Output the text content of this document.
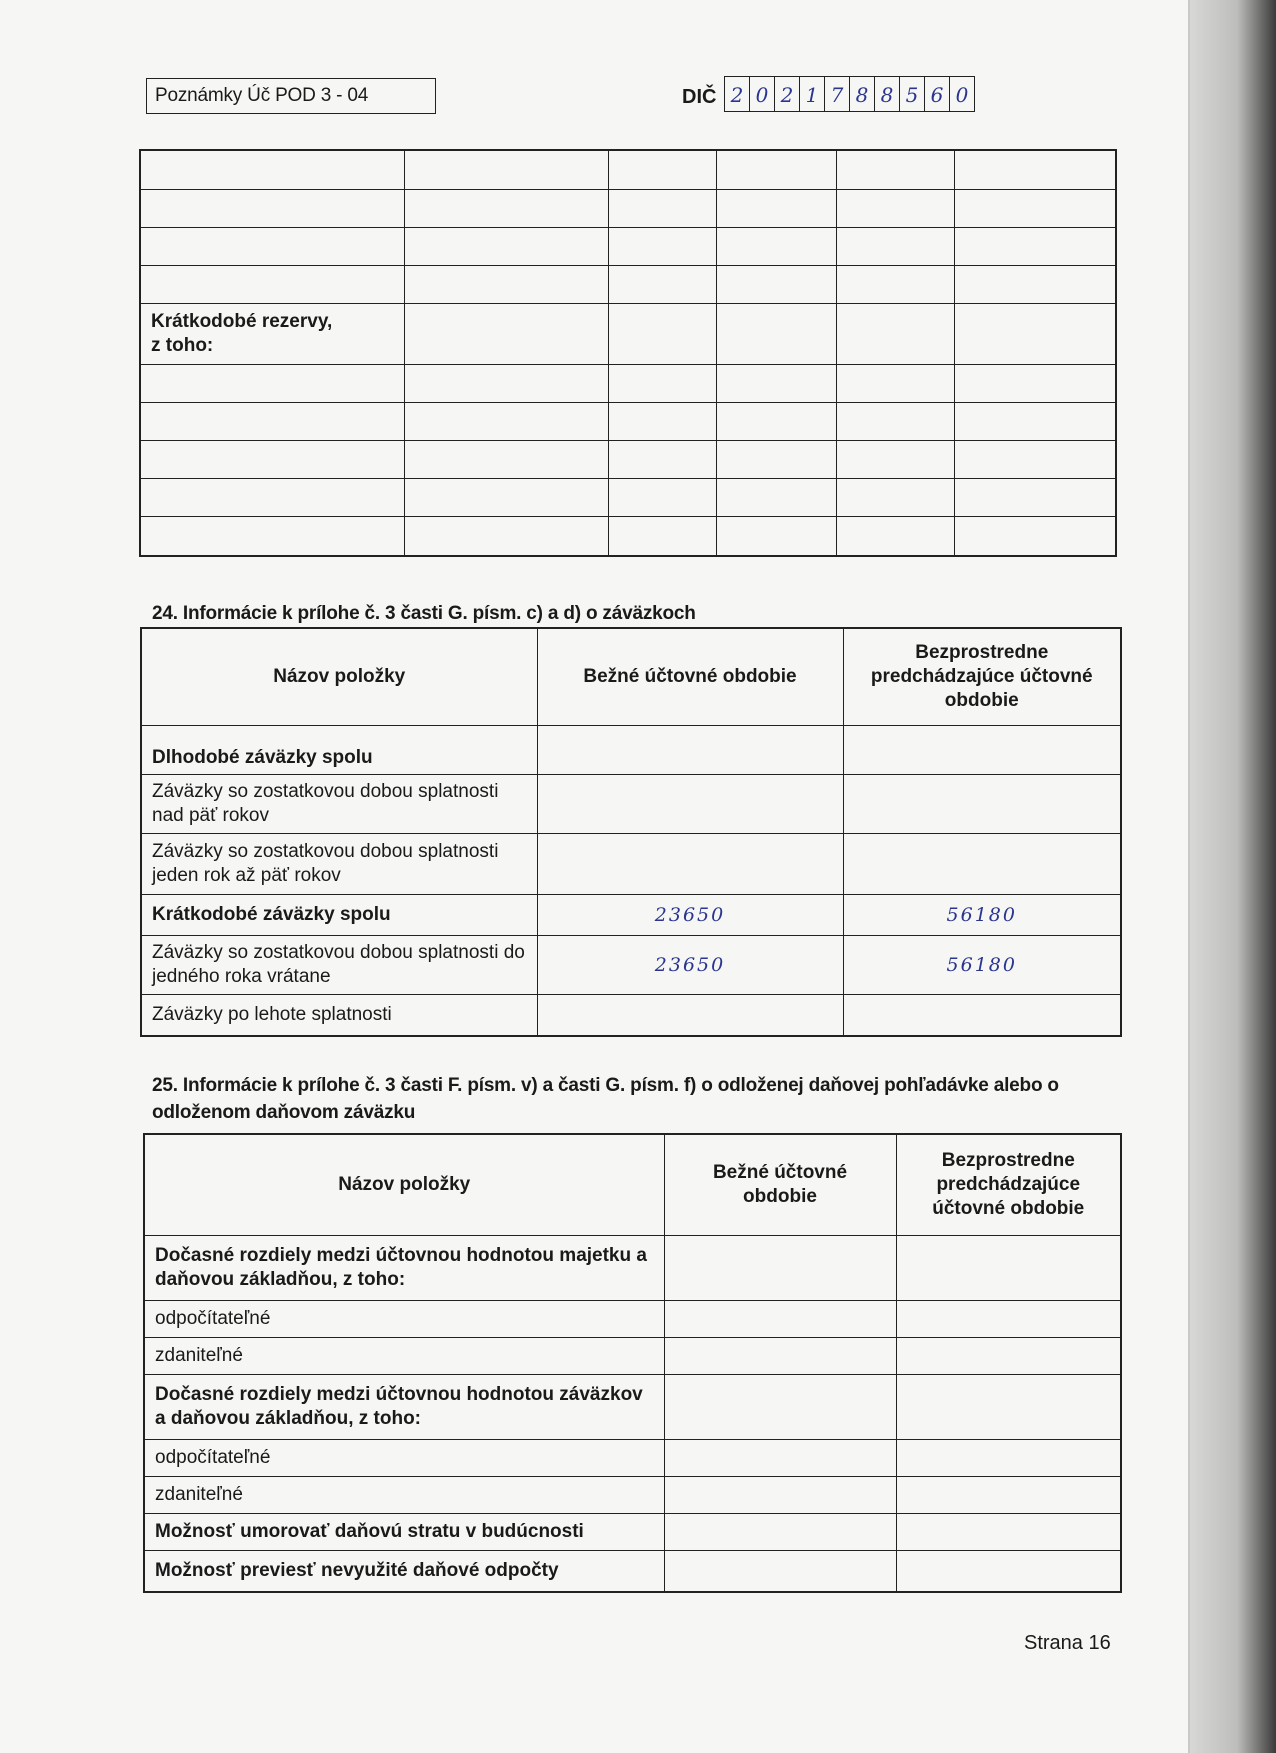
Poznámky Úč POD 3 - 04	DIČ 2 0 2 1 7 8 8 5 6 0

Krátkodobé rezervy,
z toho:					

24. Informácie k prílohe č. 3 časti G. písm. c) a d) o záväzkoch
Názov položky	Bežné účtovné obdobie	Bezprostredne predchádzajúce účtovné obdobie
Dlhodobé záväzky spolu		
Záväzky so zostatkovou dobou splatnosti nad päť rokov		
Záväzky so zostatkovou dobou splatnosti jeden rok až päť rokov		
Krátkodobé záväzky spolu	23650	56180
Záväzky so zostatkovou dobou splatnosti do jedného roka vrátane	23650	56180
Záväzky po lehote splatnosti		
25. Informácie k prílohe č. 3 časti F. písm. v) a časti G. písm. f) o odloženej daňovej pohľadávke alebo o odloženom daňovom záväzku
Názov položky	Bežné účtovné obdobie	Bezprostredne predchádzajúce účtovné obdobie
Dočasné rozdiely medzi účtovnou hodnotou majetku a daňovou základňou, z toho:		
odpočítateľné		
zdaniteľné		
Dočasné rozdiely medzi účtovnou hodnotou záväzkov a daňovou základňou, z toho:		
odpočítateľné		
zdaniteľné		
Možnosť umorovať daňovú stratu v budúcnosti		
Možnosť previesť nevyužité daňové odpočty		
Strana 16
